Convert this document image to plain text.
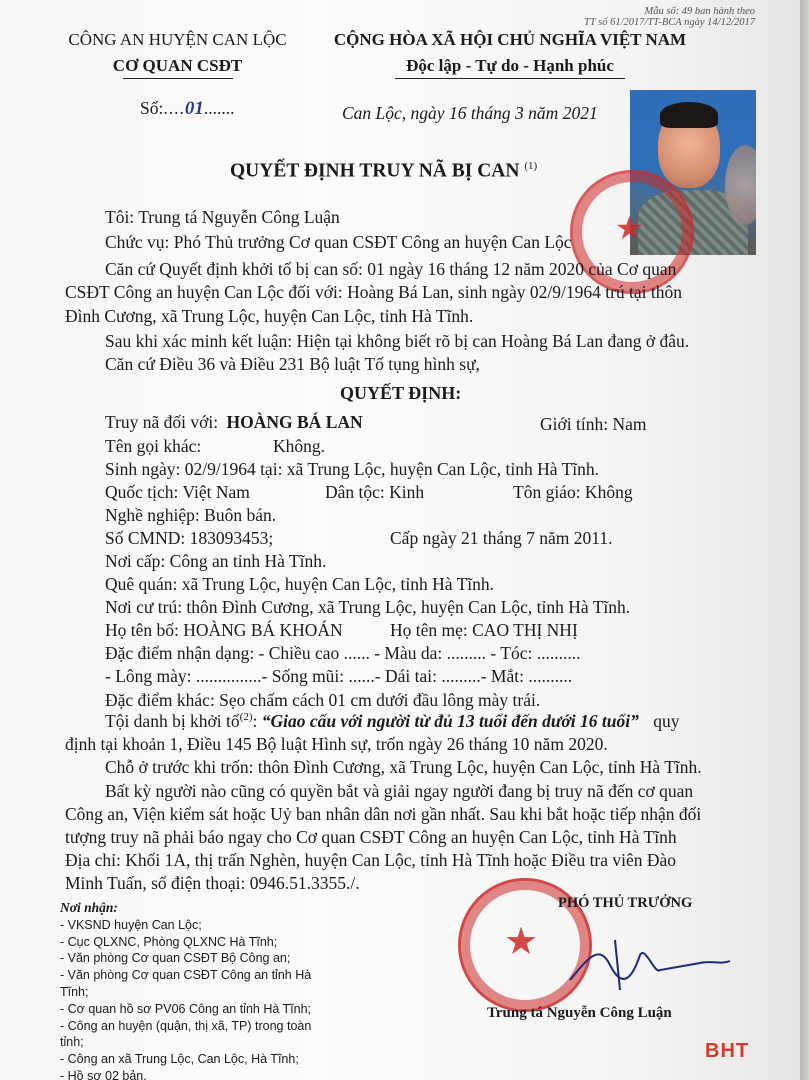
Mẫu số: 49 ban hành theo
TT số 61/2017/TT-BCA ngày 14/12/2017
CÔNG AN HUYỆN CAN LỘC
CƠ QUAN CSĐT
Số:....01.......
CỘNG HÒA XÃ HỘI CHỦ NGHĨA VIỆT NAM
Độc lập - Tự do - Hạnh phúc
Can Lộc, ngày 16 tháng 3 năm 2021
★
QUYẾT ĐỊNH TRUY NÃ BỊ CAN $^{(1)}$
Tôi: Trung tá Nguyễn Công Luận
Chức vụ: Phó Thủ trưởng Cơ quan CSĐT Công an huyện Can Lộc
Căn cứ Quyết định khởi tố bị can số: 01 ngày 16 tháng 12 năm 2020 của Cơ quan
CSĐT Công an huyện Can Lộc đối với: Hoàng Bá Lan, sinh ngày 02/9/1964 trú tại thôn
Đình Cương, xã Trung Lộc, huyện Can Lộc, tỉnh Hà Tĩnh.
Sau khi xác minh kết luận: Hiện tại không biết rõ bị can Hoàng Bá Lan đang ở đâu.
Căn cứ Điều 36 và Điều 231 Bộ luật Tố tụng hình sự,
QUYẾT ĐỊNH:
Truy nã đối với: HOÀNG BÁ LAN	Giới tính: Nam
Tên gọi khác:	Không.
Sinh ngày: 02/9/1964 tại: xã Trung Lộc, huyện Can Lộc, tỉnh Hà Tĩnh.
Quốc tịch: Việt Nam	Dân tộc: Kinh	Tôn giáo: Không
Nghề nghiệp: Buôn bán.
Số CMND: 183093453;	Cấp ngày 21 tháng 7 năm 2011.
Nơi cấp: Công an tỉnh Hà Tĩnh.
Quê quán: xã Trung Lộc, huyện Can Lộc, tỉnh Hà Tĩnh.
Nơi cư trú: thôn Đình Cương, xã Trung Lộc, huyện Can Lộc, tỉnh Hà Tĩnh.
Họ tên bố: HOÀNG BÁ KHOÁN	Họ tên mẹ: CAO THỊ NHỊ
Đặc điểm nhận dạng: - Chiều cao ...... - Màu da: ......... - Tóc: ..........
- Lông mày: ...............- Sống mũi: ......- Dái tai: .........- Mắt: ..........
Đặc điểm khác: Sẹo chấm cách 01 cm dưới đầu lông mày trái.
Tội danh bị khởi tố$^{(2)}$: “Giao cấu với người từ đủ 13 tuổi đến dưới 16 tuổi” quy
định tại khoản 1, Điều 145 Bộ luật Hình sự, trốn ngày 26 tháng 10 năm 2020.
Chỗ ở trước khi trốn: thôn Đình Cương, xã Trung Lộc, huyện Can Lộc, tỉnh Hà Tĩnh.
Bất kỳ người nào cũng có quyền bắt và giải ngay người đang bị truy nã đến cơ quan
Công an, Viện kiểm sát hoặc Uỷ ban nhân dân nơi gần nhất. Sau khi bắt hoặc tiếp nhận đối
tượng truy nã phải báo ngay cho Cơ quan CSĐT Công an huyện Can Lộc, tỉnh Hà Tĩnh
Địa chỉ: Khối 1A, thị trấn Nghèn, huyện Can Lộc, tỉnh Hà Tĩnh hoặc Điều tra viên Đào
Minh Tuấn, số điện thoại: 0946.51.3355./.
Nơi nhận:
- VKSND huyện Can Lộc;
- Cục QLXNC, Phòng QLXNC Hà Tĩnh;
- Văn phòng Cơ quan CSĐT Bộ Công an;
- Văn phòng Cơ quan CSĐT Công an tỉnh Hà
Tĩnh;
- Cơ quan hồ sơ PV06 Công an tỉnh Hà Tĩnh;
- Công an huyện (quận, thị xã, TP) trong toàn
tỉnh;
- Công an xã Trung Lộc, Can Lộc, Hà Tĩnh;
- Hồ sơ 02 bản.
★
PHÓ THỦ TRƯỞNG
Trung tá Nguyễn Công Luận
BHT
